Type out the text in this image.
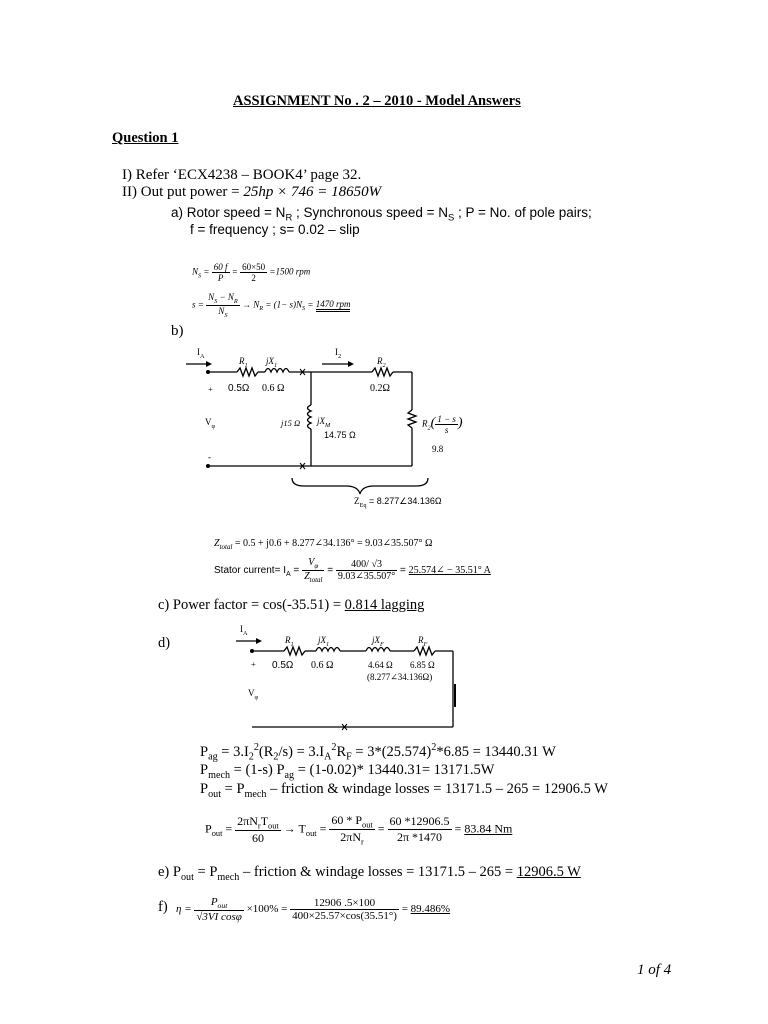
ASSIGNMENT No . 2 – 2010 - Model Answers
Question 1
I) Refer ‘ECX4238 – BOOK4’ page 32.
II) Out put power = 25hp × 746 = 18650W
a) Rotor speed = $N_R$ ; Synchronous speed = $N_S$ ; P = No. of pole pairs;
f = frequency ; s= 0.02 – slip
$N_S = \frac{60 f}{P} = \frac{60\times 50}{2} =1500$ rpm
$s = \frac{N_S - N_R}{N_S} \to N_R = (1- s)N_S = 1470$ rpm
b)
$I_A$	$I_2$
$R_1$ $jX_1$	$R_2$
0.5Ω 0.6 Ω	0.2Ω
+
$V_\varphi$
-
j15 Ω $jX_M$
14.75 Ω
$R_2( \frac{1 - s}{s}$ )
9.8
$Z_{Eq}$ = 8.277∠34.136Ω
$Z_{total} = 0.5 + j0.6$ + 8.277∠34.136° = 9.03∠35.507° Ω
Stator current= $I_A = \frac{V_\varphi}{Z_{total}} = \frac{400/ √3}{9.03\angle 35.507^\circ}$ = 25.574∠ − 35.51° A
c) Power factor = cos(-35.51) = 0.814 lagging
d)
$I_A$
$R_1$	$jX_1$	$jX_F$	$R_F$
0.5Ω 0.6 Ω	4.64 Ω 6.85 Ω
(8.277∠34.136Ω)
+
$V_\varphi$
$P_{ag} = 3.I_2^2(R_2/s) = 3.I_A^2R_F = 3*(25.574)^2*6.85 = 13440.31$ W
$P_{mech} = (1-s) P_{ag} = (1-0.02)*$ 13440.31= 13171.5W
$P_{out} = P_{mech}$ – friction & windage losses = 13171.5 – 265 = 12906.5 W
$P_{out} = \frac{2\pi N_rT_{out}}{60} \to T_{out} = \frac{60 * P_{out}}{2\pi N_r} = \frac{60 *12906.5}{2\pi *1470} = 83.84$ Nm
e) $P_{out} = P_{mech}$ – friction & windage losses = 13171.5 – 265 = 12906.5 W
f) $\eta = \frac{P_{out}}{\text{√3VI cosφ}} \times 100\% = \frac{12906 .5\times 100}{400\times 25.57\times\cos(35.51^\circ)} = 89.486\%$
1 of 4
